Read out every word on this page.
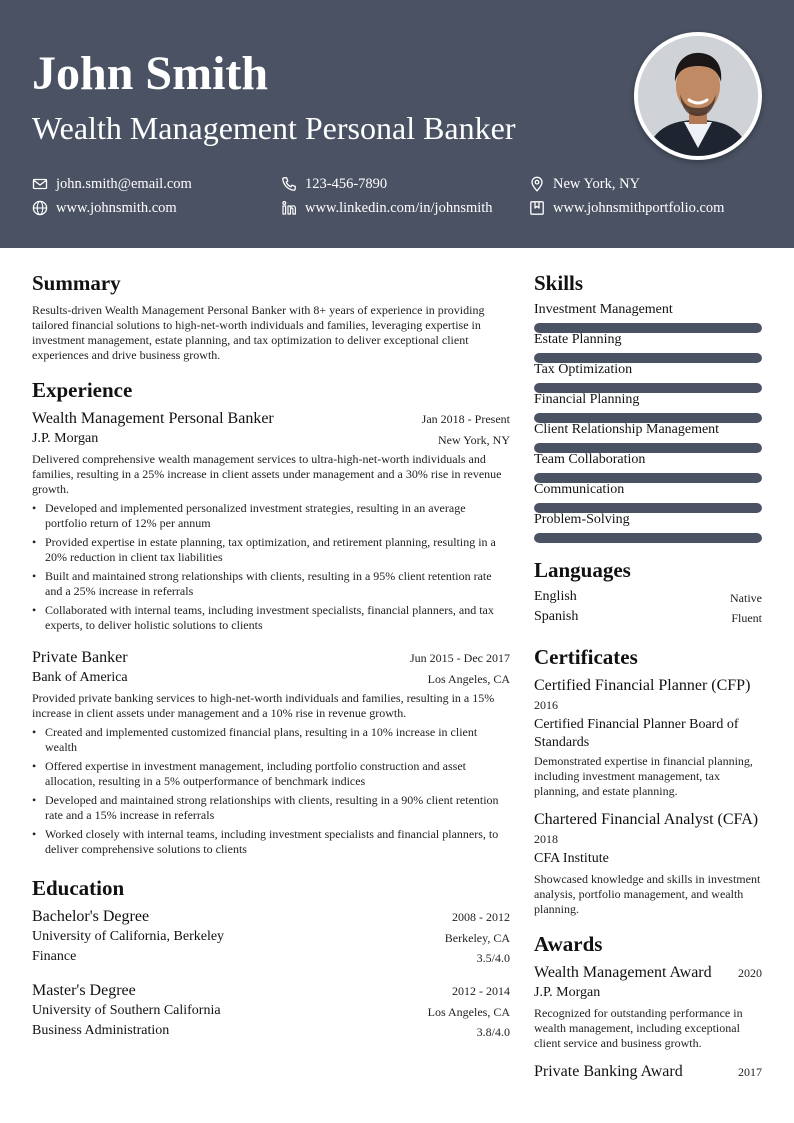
John Smith
Wealth Management Personal Banker
john.smith@email.com	123-456-7890	New York, NY
www.johnsmith.com	www.linkedin.com/in/johnsmith	www.johnsmithportfolio.com
Summary
Results-driven Wealth Management Personal Banker with 8+ years of experience in providing tailored financial solutions to high-net-worth individuals and families, leveraging expertise in investment management, estate planning, and tax optimization to deliver exceptional client experiences and drive business growth.
Experience
Wealth Management Personal Banker	Jan 2018 - Present
J.P. Morgan	New York, NY
Delivered comprehensive wealth management services to ultra-high-net-worth individuals and families, resulting in a 25% increase in client assets under management and a 30% rise in revenue growth.
• Developed and implemented personalized investment strategies, resulting in an average portfolio return of 12% per annum
• Provided expertise in estate planning, tax optimization, and retirement planning, resulting in a 20% reduction in client tax liabilities
• Built and maintained strong relationships with clients, resulting in a 95% client retention rate and a 25% increase in referrals
• Collaborated with internal teams, including investment specialists, financial planners, and tax experts, to deliver holistic solutions to clients
Private Banker	Jun 2015 - Dec 2017
Bank of America	Los Angeles, CA
Provided private banking services to high-net-worth individuals and families, resulting in a 15% increase in client assets under management and a 10% rise in revenue growth.
• Created and implemented customized financial plans, resulting in a 10% increase in client wealth
• Offered expertise in investment management, including portfolio construction and asset allocation, resulting in a 5% outperformance of benchmark indices
• Developed and maintained strong relationships with clients, resulting in a 90% client retention rate and a 15% increase in referrals
• Worked closely with internal teams, including investment specialists and financial planners, to deliver comprehensive solutions to clients
Education
Bachelor's Degree	2008 - 2012
University of California, Berkeley	Berkeley, CA
Finance	3.5/4.0
Master's Degree	2012 - 2014
University of Southern California	Los Angeles, CA
Business Administration	3.8/4.0
Skills
Investment Management
Estate Planning
Tax Optimization
Financial Planning
Client Relationship Management
Team Collaboration
Communication
Problem-Solving
Languages
English	Native
Spanish	Fluent
Certificates
Certified Financial Planner (CFP)
2016
Certified Financial Planner Board of Standards
Demonstrated expertise in financial planning, including investment management, tax planning, and estate planning.
Chartered Financial Analyst (CFA)
2018
CFA Institute
Showcased knowledge and skills in investment analysis, portfolio management, and wealth planning.
Awards
Wealth Management Award	2020
J.P. Morgan
Recognized for outstanding performance in wealth management, including exceptional client service and business growth.
Private Banking Award	2017
